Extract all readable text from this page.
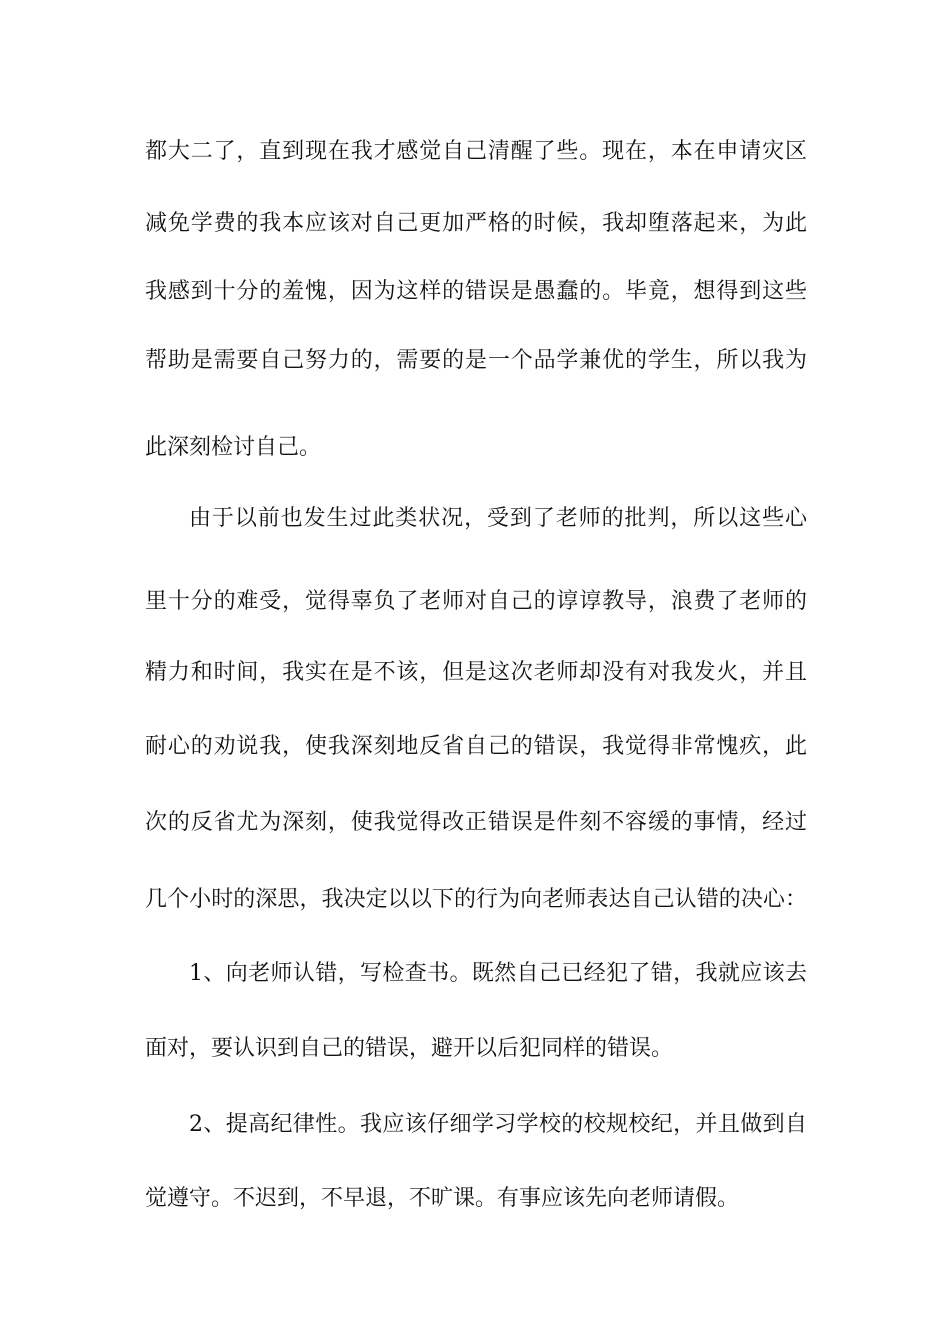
都大二了，直到现在我才感觉自己清醒了些。现在，本在申请灾区
减免学费的我本应该对自己更加严格的时候，我却堕落起来，为此
我感到十分的羞愧，因为这样的错误是愚蠢的。毕竟，想得到这些
帮助是需要自己努力的，需要的是一个品学兼优的学生，所以我为
此深刻检讨自己。
由于以前也发生过此类状况，受到了老师的批判，所以这些心
里十分的难受，觉得辜负了老师对自己的谆谆教导，浪费了老师的
精力和时间，我实在是不该，但是这次老师却没有对我发火，并且
耐心的劝说我，使我深刻地反省自己的错误，我觉得非常愧疚，此
次的反省尤为深刻，使我觉得改正错误是件刻不容缓的事情，经过
几个小时的深思，我决定以以下的行为向老师表达自己认错的决心：
1、向老师认错，写检查书。既然自己已经犯了错，我就应该去
面对，要认识到自己的错误，避开以后犯同样的错误。
2、提高纪律性。我应该仔细学习学校的校规校纪，并且做到自
觉遵守。不迟到，不早退，不旷课。有事应该先向老师请假。
